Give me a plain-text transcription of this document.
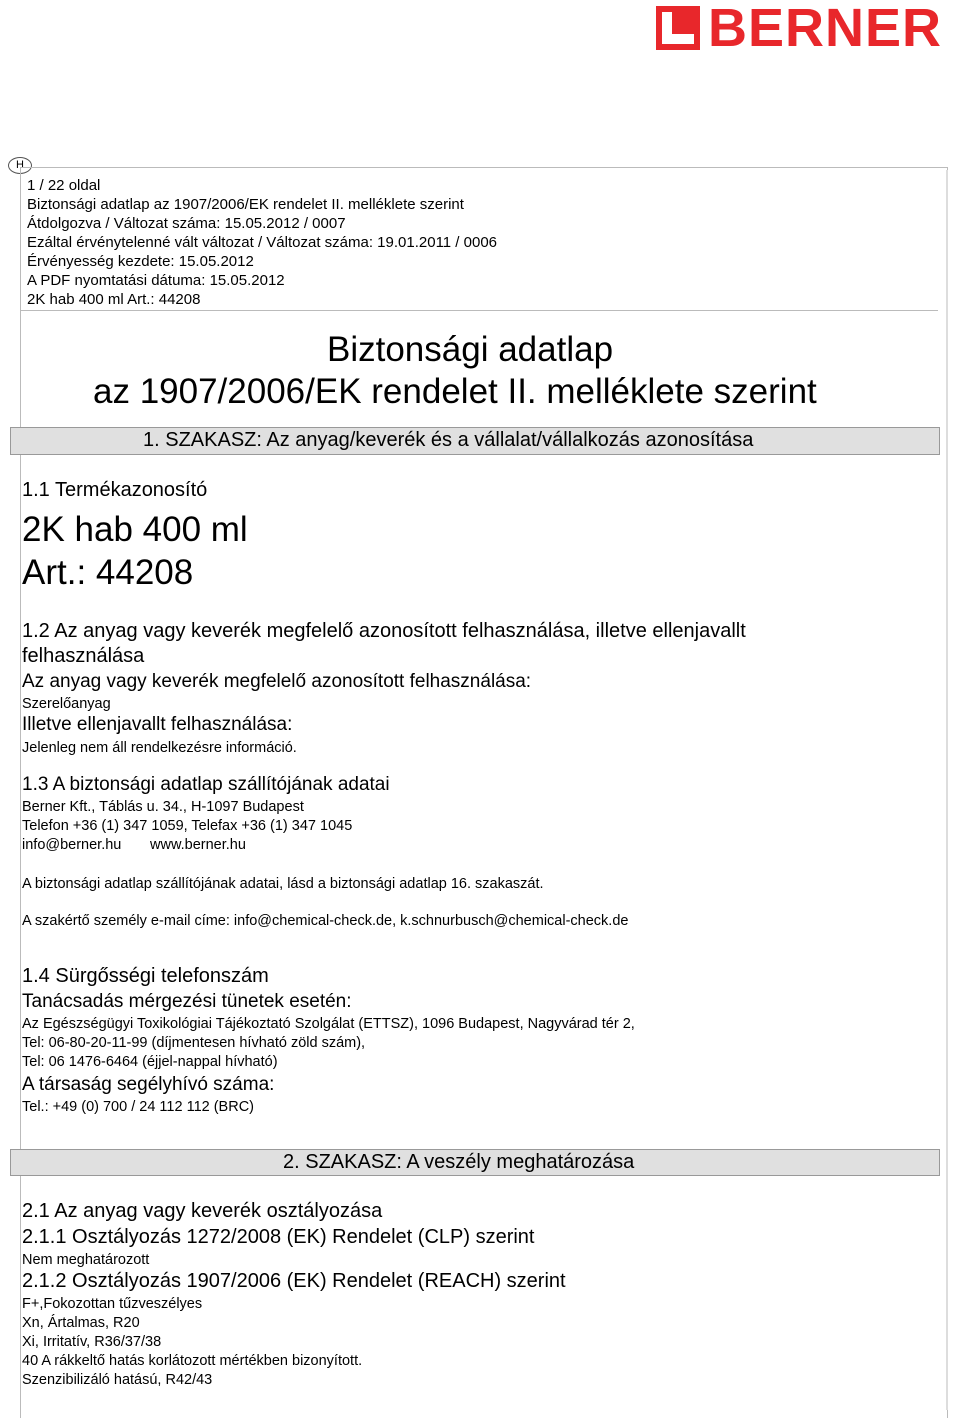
BERNER
H
1 / 22 oldal
Biztonsági adatlap az 1907/2006/EK rendelet II. melléklete szerint
Átdolgozva / Változat száma: 15.05.2012 / 0007
Ezáltal érvénytelenné vált változat / Változat száma: 19.01.2011 / 0006
Érvényesség kezdete: 15.05.2012
A PDF nyomtatási dátuma: 15.05.2012
2K hab 400 ml Art.: 44208
Biztonsági adatlap
az 1907/2006/EK rendelet II. melléklete szerint
1. SZAKASZ: Az anyag/keverék és a vállalat/vállalkozás azonosítása
1.1 Termékazonosító
2K hab 400 ml
Art.: 44208
1.2 Az anyag vagy keverék megfelelő azonosított felhasználása, illetve ellenjavallt
felhasználása
Az anyag vagy keverék megfelelő azonosított felhasználása:
Szerelőanyag
Illetve ellenjavallt felhasználása:
Jelenleg nem áll rendelkezésre információ.
1.3 A biztonsági adatlap szállítójának adatai
Berner Kft., Táblás u. 34., H-1097 Budapest
Telefon +36 (1) 347 1059, Telefax +36 (1) 347 1045
info@berner.hu www.berner.hu
A biztonsági adatlap szállítójának adatai, lásd a biztonsági adatlap 16. szakaszát.
A szakértő személy e-mail címe: info@chemical-check.de, k.schnurbusch@chemical-check.de
1.4 Sürgősségi telefonszám
Tanácsadás mérgezési tünetek esetén:
Az Egészségügyi Toxikológiai Tájékoztató Szolgálat (ETTSZ), 1096 Budapest, Nagyvárad tér 2,
Tel: 06-80-20-11-99 (díjmentesen hívható zöld szám),
Tel: 06 1476-6464 (éjjel-nappal hívható)
A társaság segélyhívó száma:
Tel.: +49 (0) 700 / 24 112 112 (BRC)
2. SZAKASZ: A veszély meghatározása
2.1 Az anyag vagy keverék osztályozása
2.1.1 Osztályozás 1272/2008 (EK) Rendelet (CLP) szerint
Nem meghatározott
2.1.2 Osztályozás 1907/2006 (EK) Rendelet (REACH) szerint
F+,Fokozottan tűzveszélyes
Xn, Ártalmas, R20
Xi, Irritatív, R36/37/38
40 A rákkeltő hatás korlátozott mértékben bizonyított.
Szenzibilizáló hatású, R42/43
